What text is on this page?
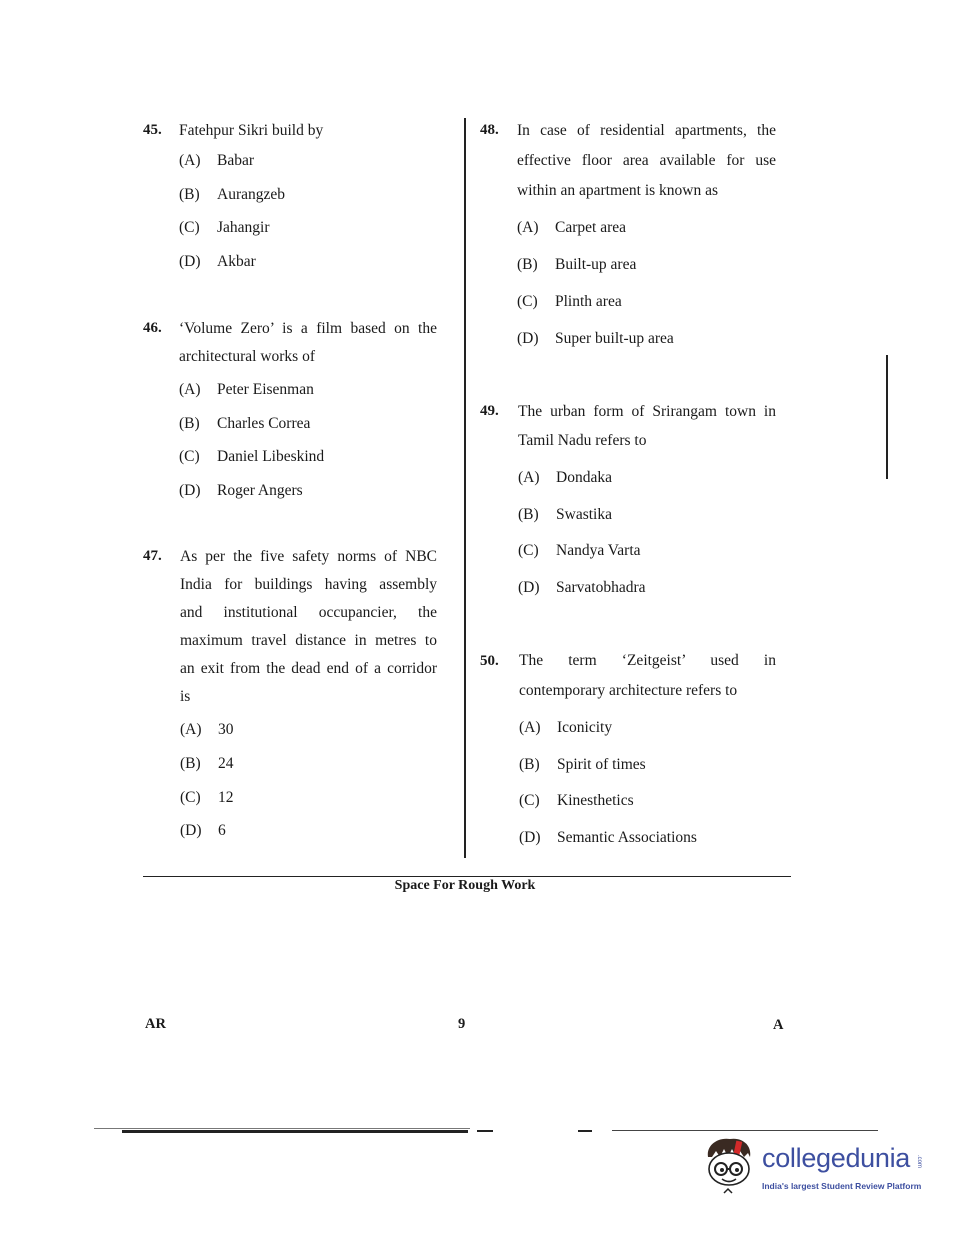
45. Fatehpur Sikri build by
(A) Babar
(B) Aurangzeb
(C) Jahangir
(D) Akbar
46. ‘Volume Zero’ is a film based on the
architectural works of
(A) Peter Eisenman
(B) Charles Correa
(C) Daniel Libeskind
(D) Roger Angers
47. As per the five safety norms of NBC
India for buildings having assembly
and institutional occupancier, the
maximum travel distance in metres to
an exit from the dead end of a corridor
is
(A) 30
(B) 24
(C) 12
(D) 6
48. In case of residential apartments, the
effective floor area available for use
within an apartment is known as
(A) Carpet area
(B) Built-up area
(C) Plinth area
(D) Super built-up area
49. The urban form of Srirangam town in
Tamil Nadu refers to
(A) Dondaka
(B) Swastika
(C) Nandya Varta
(D) Sarvatobhadra
50. The term ‘Zeitgeist’ used in
contemporary architecture refers to
(A) Iconicity
(B) Spirit of times
(C) Kinesthetics
(D) Semantic Associations
Space For Rough Work
AR	9	A
collegedunia .com
India's largest Student Review Platform
